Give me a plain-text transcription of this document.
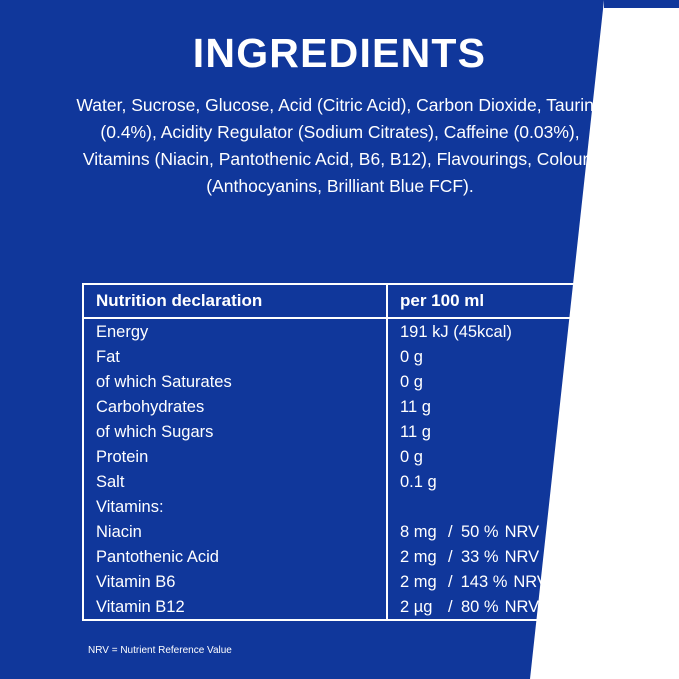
INGREDIENTS
Water, Sucrose, Glucose, Acid (Citric Acid), Carbon Dioxide, Taurine (0.4%), Acidity Regulator (Sodium Citrates), Caffeine (0.03%), Vitamins (Niacin, Pantothenic Acid, B6, B12), Flavourings, Colours (Anthocyanins, Brilliant Blue FCF).
Nutrition declaration	per 100 ml
Energy	191 kJ (45kcal)
Fat	0 g
of which Saturates	0 g
Carbohydrates	11 g
of which Sugars	11 g
Protein	0 g
Salt	0.1 g
Vitamins:	
Niacin	8 mg / 50 % NRV
Pantothenic Acid	2 mg / 33 % NRV
Vitamin B6	2 mg / 143 % NRV
Vitamin B12	2 µg / 80 % NRV
NRV = Nutrient Reference Value
